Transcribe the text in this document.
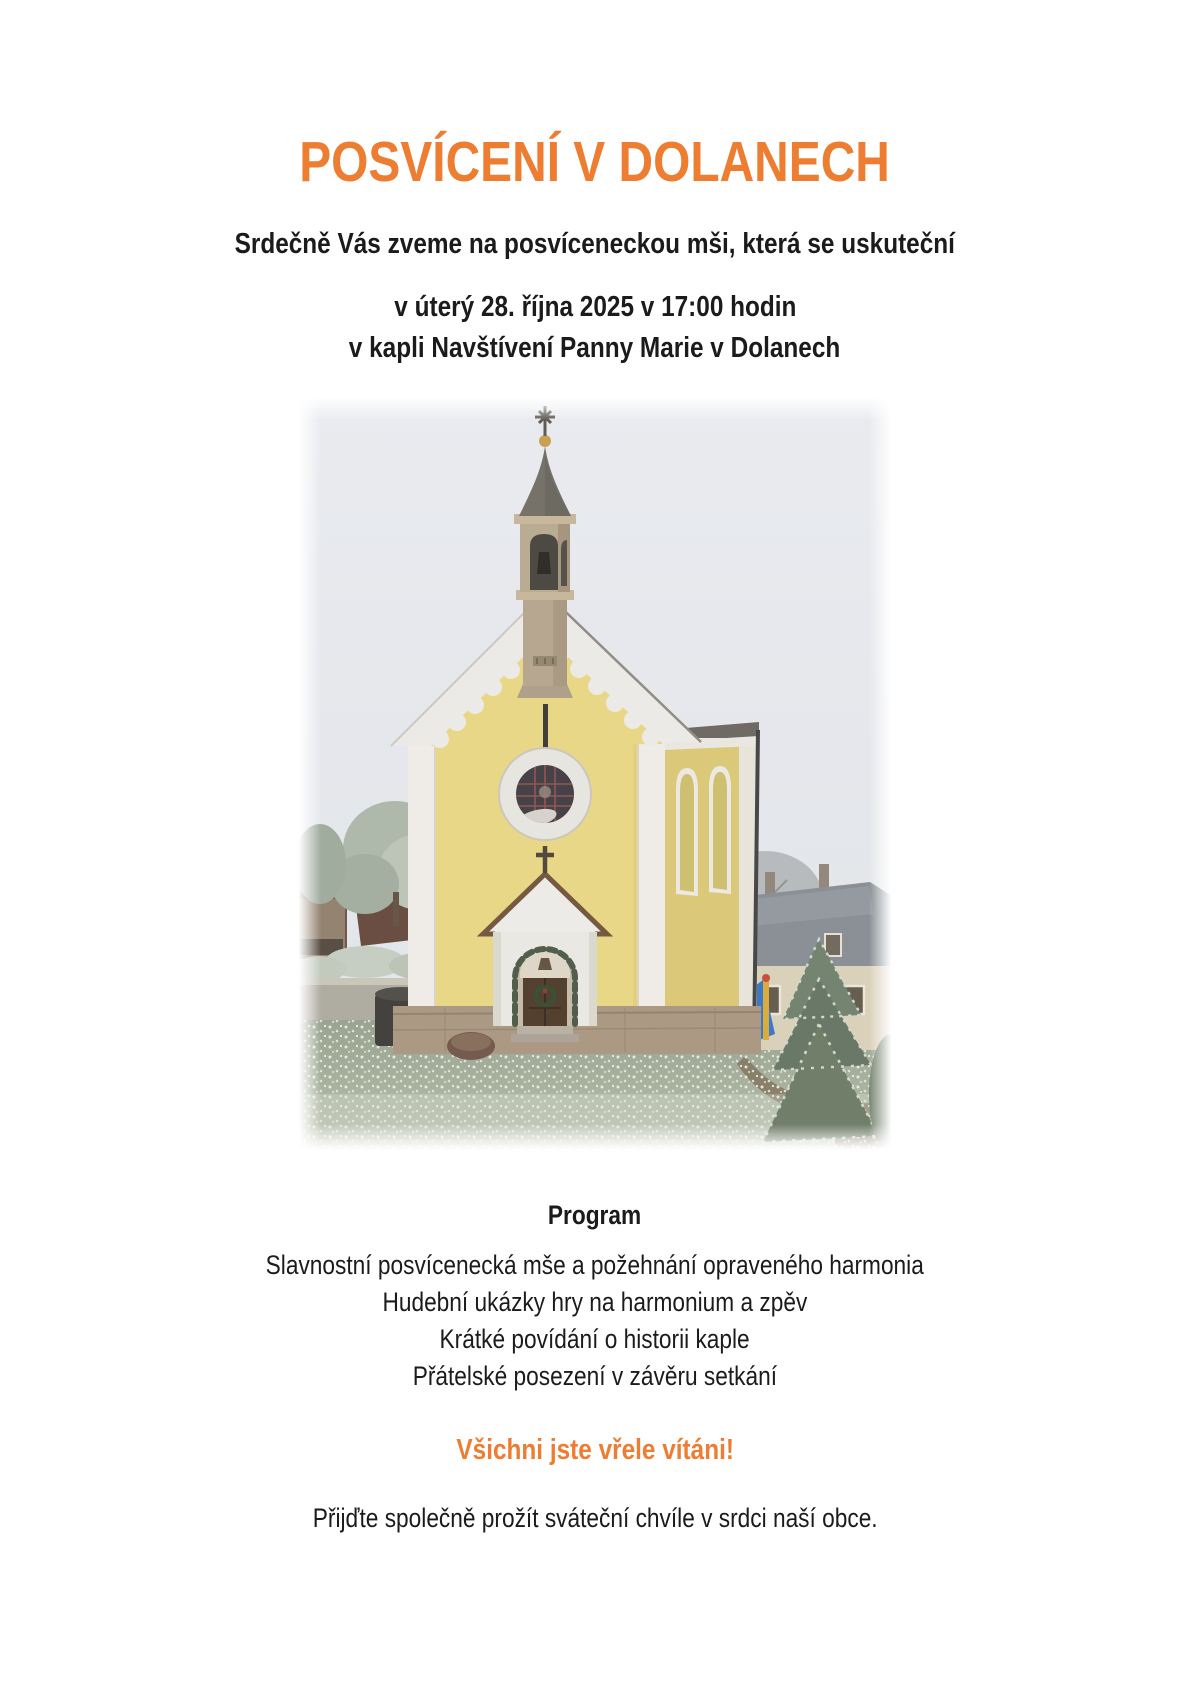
POSVÍCENÍ V DOLANECH

Srdečně Vás zveme na posvíceneckou mši, která se uskuteční

v úterý 28. října 2025 v 17:00 hodin
v kapli Navštívení Panny Marie v Dolanech

Program

Slavnostní posvícenecká mše a požehnání opraveného harmonia

Hudební ukázky hry na harmonium a zpěv

Krátké povídání o historii kaple

Přátelské posezení v závěru setkání

Všichni jste vřele vítáni!

Přijďte společně prožít sváteční chvíle v srdci naší obce.
